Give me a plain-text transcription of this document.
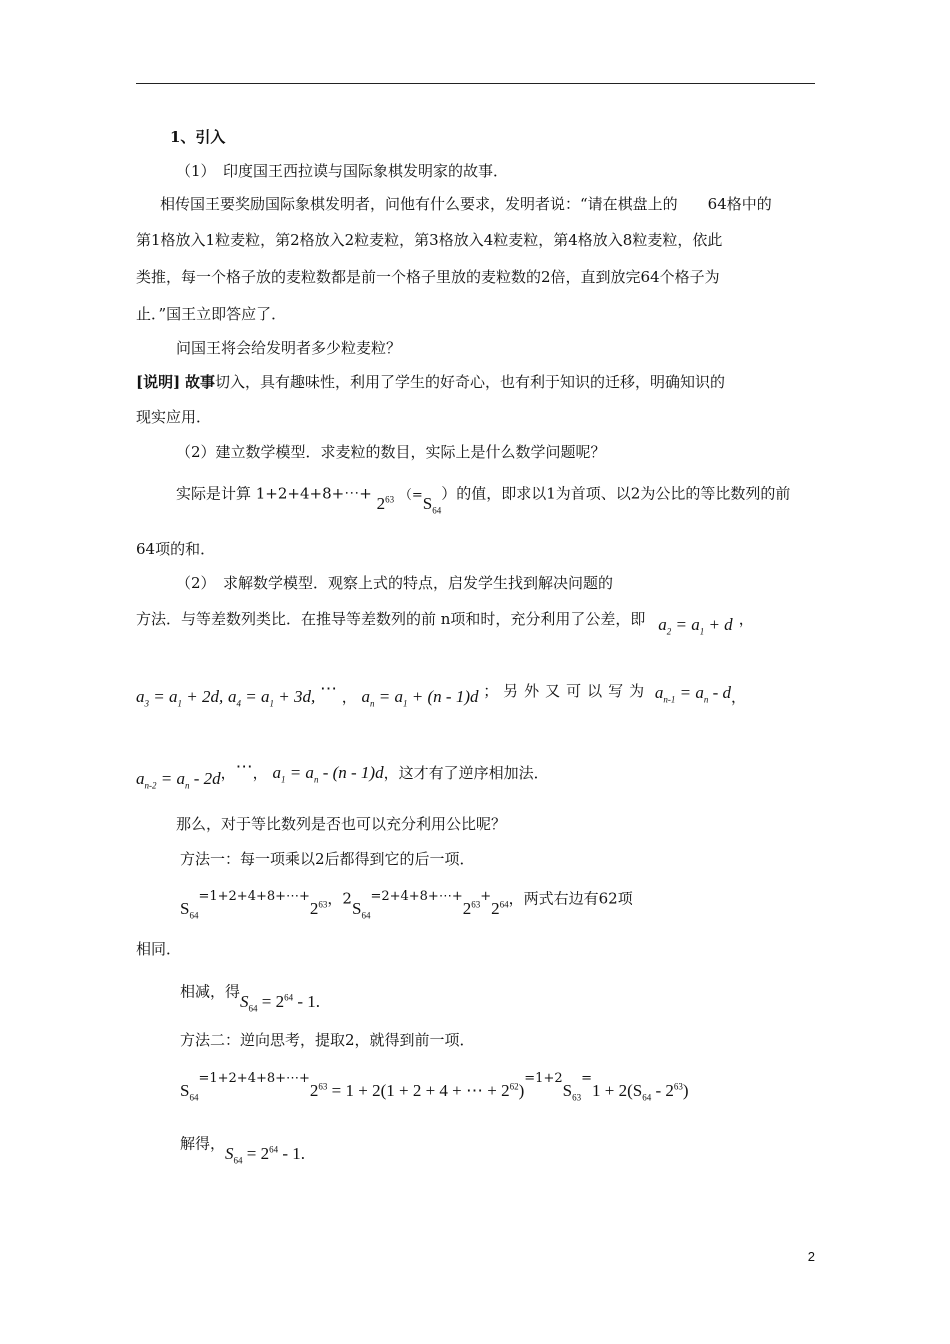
1、引入
（1）　印度国王西拉谟与国际象棋发明家的故事．
相传国王要奖励国际象棋发明者，问他有什么要求，发明者说：“请在棋盘上的　　64格中的
第1格放入1粒麦粒，第2格放入2粒麦粒，第3格放入4粒麦粒，第4格放入8粒麦粒，依此
类推，每一个格子放的麦粒数都是前一个格子里放的麦粒数的2倍，直到放完64个格子为
止．”国王立即答应了．
问国王将会给发明者多少粒麦粒？
[说明] 故事切入，具有趣味性，利用了学生的好奇心，也有利于知识的迁移，明确知识的
现实应用．
（2）建立数学模型．求麦粒的数目，实际上是什么数学问题呢？
实际是计算 1+2+4+8+⋯+ $2^{63}$ $(=S_{64})$的值，即求以1为首项、以2为公比的等比数列的前
64项的和．
（2）　求解数学模型．观察上式的特点，启发学生找到解决问题的
方法．与等差数列类比．在推导等差数列的前 n项和时，充分利用了公差，即 $a_2 = a_1 + d$ ，
$a_3 = a_1 + 2d$, $a_4 = a_1 + 3d$, ⋯ ， $a_n = a_1 + (n - 1)d$ ； 另外又可以写为 $a_{n-1} = a_n - d$，
$a_{n-2} = a_n - 2d$，⋯， $a_1 = a_n - (n - 1)d$，这才有了逆序相加法．
那么，对于等比数列是否也可以充分利用公比呢？
方法一：每一项乘以2后都得到它的后一项．
$S_{64}=1+2+4+8+\cdots+2^{63}$，$2S_{64}=2+4+8+\cdots+2^{63}+2^{64}$，两式右边有62项
相同．
相减，得$S_{64} = 2^{64} - 1$.
方法二：逆向思考，提取2，就得到前一项．
$S_{64}=1+2+4+8+\cdots+2^{63} = 1 + 2(1 + 2 + 4$ + ⋯ + $2^{62})=1+2S_{63}=1 + 2(S_{64} - 2^{63})$
解得，$S_{64} = 2^{64} - 1$.
2
